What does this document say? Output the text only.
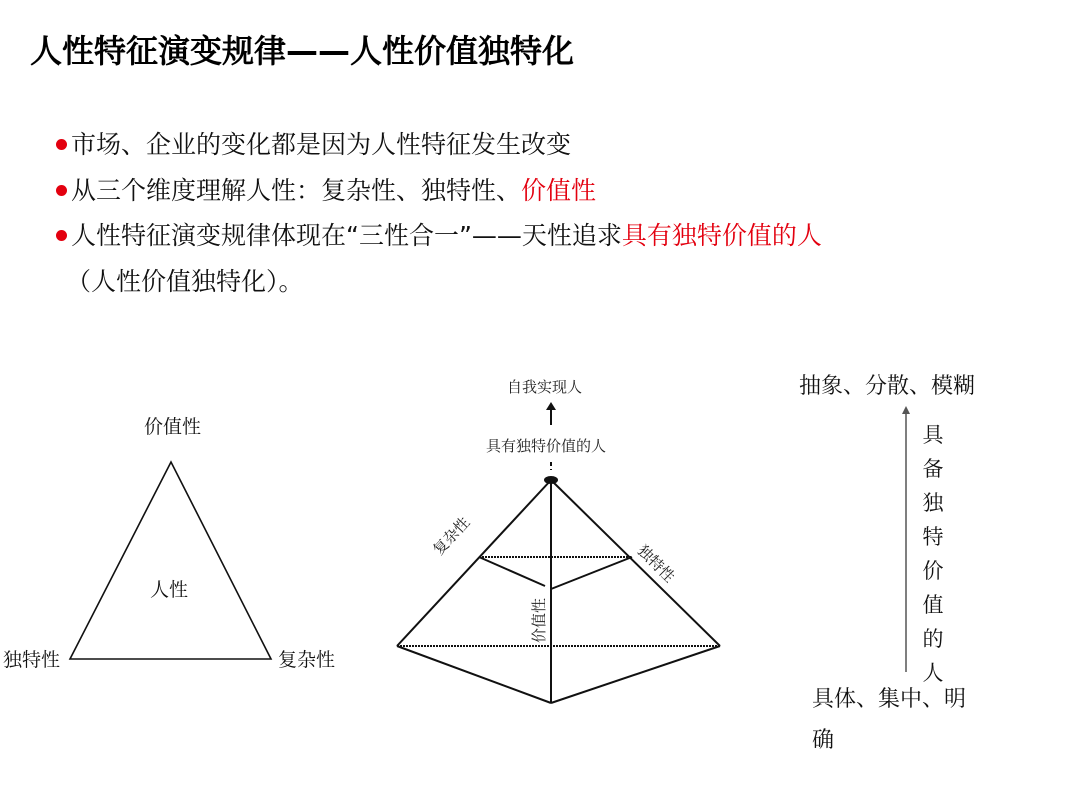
人性特征演变规律——人性价值独特化
市场、企业的变化都是因为人性特征发生改变
从三个维度理解人性：复杂性、独特性、价值性
人性特征演变规律体现在“三性合一”——天性追求具有独特价值的人
（人性价值独特化）。
价值性
人性
独特性	复杂性
自我实现人
具有独特价值的人
复杂性
独特性
价值性
抽象、分散、模糊
具
备
独
特
价
值
的
人
具体、集中、明
确
